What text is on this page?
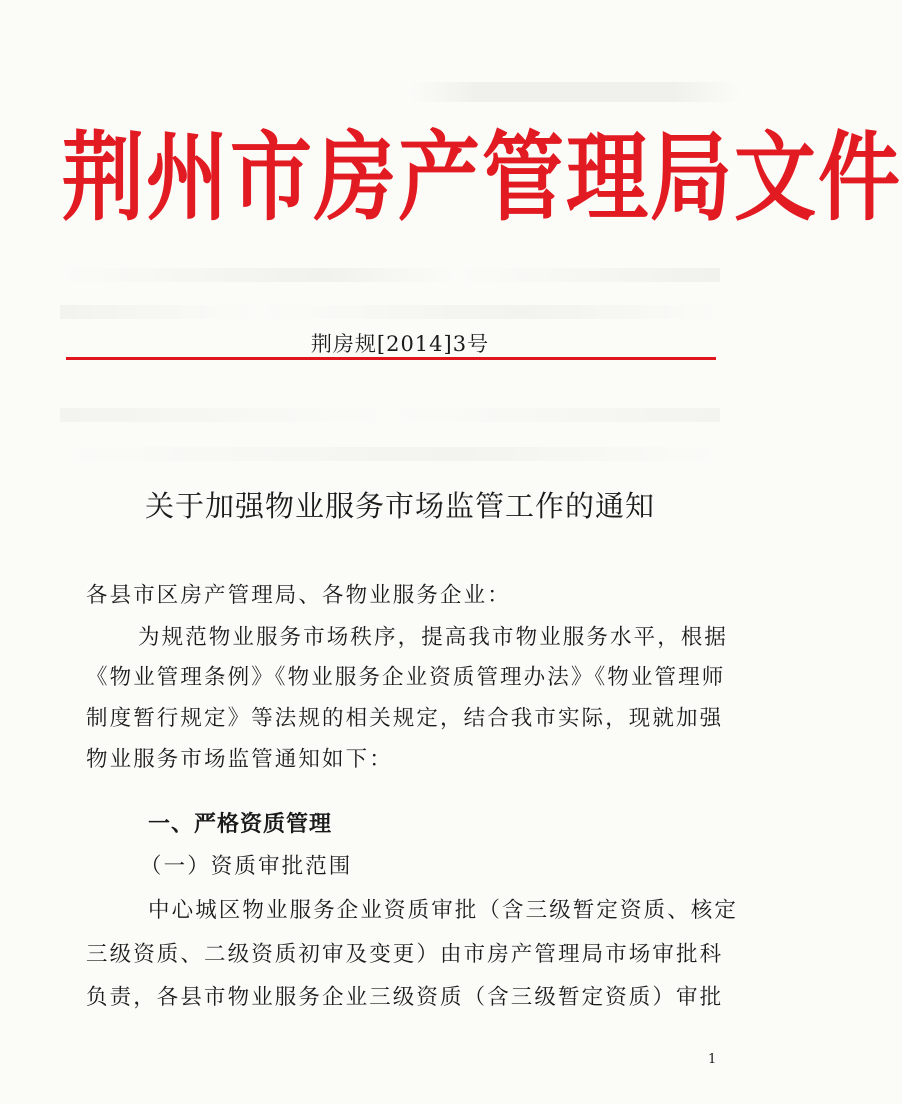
荆州市房产管理局文件
荆房规[2014]3号
关于加强物业服务市场监管工作的通知
各县市区房产管理局、各物业服务企业：
为规范物业服务市场秩序，提高我市物业服务水平，根据
《物业管理条例》《物业服务企业资质管理办法》《物业管理师
制度暂行规定》等法规的相关规定，结合我市实际，现就加强
物业服务市场监管通知如下：
一、严格资质管理
（一）资质审批范围
中心城区物业服务企业资质审批（含三级暂定资质、核定
三级资质、二级资质初审及变更）由市房产管理局市场审批科
负责，各县市物业服务企业三级资质（含三级暂定资质）审批
1
